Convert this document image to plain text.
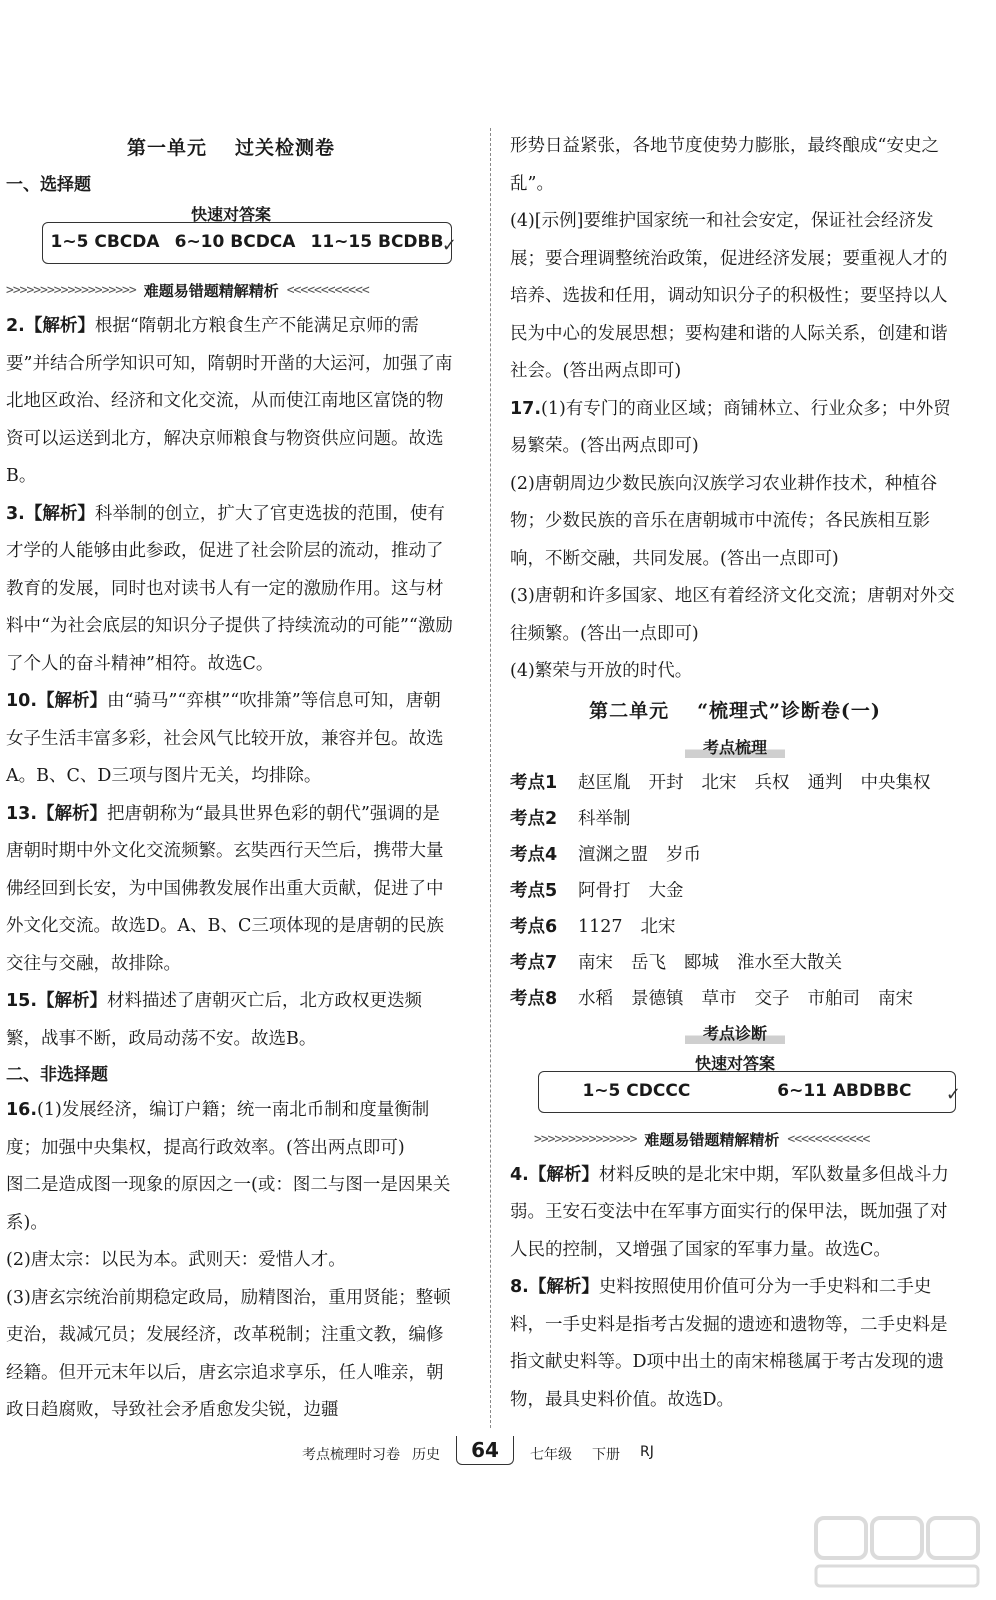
第一单元 过关检测卷
一、选择题
快速对答案
1~5 CBCDA 6~10 BCDCA 11~15 BCDBB
✓
>>>>>>>>>>>>>>>>>>> 难题易错题精解精析 <<<<<<<<<<<<

2.【解析】根据“隋朝北方粮食生产不能满足京师的需要”并结合所学知识可知，隋朝时开凿的大运河，加强了南北地区政治、经济和文化交流，从而使江南地区富饶的物资可以运送到北方，解决京师粮食与物资供应问题。故选B。

3.【解析】科举制的创立，扩大了官吏选拔的范围，使有才学的人能够由此参政，促进了社会阶层的流动，推动了教育的发展，同时也对读书人有一定的激励作用。这与材料中“为社会底层的知识分子提供了持续流动的可能”“激励了个人的奋斗精神”相符。故选C。

10.【解析】由“骑马”“弈棋”“吹排箫”等信息可知，唐朝女子生活丰富多彩，社会风气比较开放，兼容并包。故选A。B、C、D三项与图片无关，均排除。

13.【解析】把唐朝称为“最具世界色彩的朝代”强调的是唐朝时期中外文化交流频繁。玄奘西行天竺后，携带大量佛经回到长安，为中国佛教发展作出重大贡献，促进了中外文化交流。故选D。A、B、C三项体现的是唐朝的民族交往与交融，故排除。

15.【解析】材料描述了唐朝灭亡后，北方政权更迭频繁，战事不断，政局动荡不安。故选B。

二、非选择题

16.(1)发展经济，编订户籍；统一南北币制和度量衡制度；加强中央集权，提高行政效率。(答出两点即可)

图二是造成图一现象的原因之一(或：图二与图一是因果关系)。

(2)唐太宗：以民为本。武则天：爱惜人才。

(3)唐玄宗统治前期稳定政局，励精图治，重用贤能；整顿吏治，裁减冗员；发展经济，改革税制；注重文教，编修经籍。但开元末年以后，唐玄宗追求享乐，任人唯亲，朝政日趋腐败，导致社会矛盾愈发尖锐，边疆

形势日益紧张，各地节度使势力膨胀，最终酿成“安史之乱”。

(4)[示例]要维护国家统一和社会安定，保证社会经济发展；要合理调整统治政策，促进经济发展；要重视人才的培养、选拔和任用，调动知识分子的积极性；要坚持以人民为中心的发展思想；要构建和谐的人际关系，创建和谐社会。(答出两点即可)

17.(1)有专门的商业区域；商铺林立、行业众多；中外贸易繁荣。(答出两点即可)

(2)唐朝周边少数民族向汉族学习农业耕作技术，种植谷物；少数民族的音乐在唐朝城市中流传；各民族相互影响，不断交融，共同发展。(答出一点即可)

(3)唐朝和许多国家、地区有着经济文化交流；唐朝对外交往频繁。(答出一点即可)

(4)繁荣与开放的时代。

第二单元 “梳理式”诊断卷(一)
考点梳理
考点1	赵匡胤 开封 北宋 兵权 通判 中央集权
考点2	科举制
考点4	澶渊之盟 岁币
考点5	阿骨打 大金
考点6	1127 北宋
考点7	南宋 岳飞 郾城 淮水至大散关
考点8	水稻 景德镇 草市 交子 市舶司 南宋
考点诊断
快速对答案
1~5 CDCCC	6~11 ABDBBC ✓
>>>>>>>>>>>>>>> 难题易错题精解精析 <<<<<<<<<<<<

4.【解析】材料反映的是北宋中期，军队数量多但战斗力弱。王安石变法中在军事方面实行的保甲法，既加强了对人民的控制，又增强了国家的军事力量。故选C。

8.【解析】史料按照使用价值可分为一手史料和二手史料，一手史料是指考古发掘的遗迹和遗物等，二手史料是指文献史料等。D项中出土的南宋棉毯属于考古发现的遗物，最具史料价值。故选D。

考点梳理时习卷 历史	64	七年级 下册 RJ
